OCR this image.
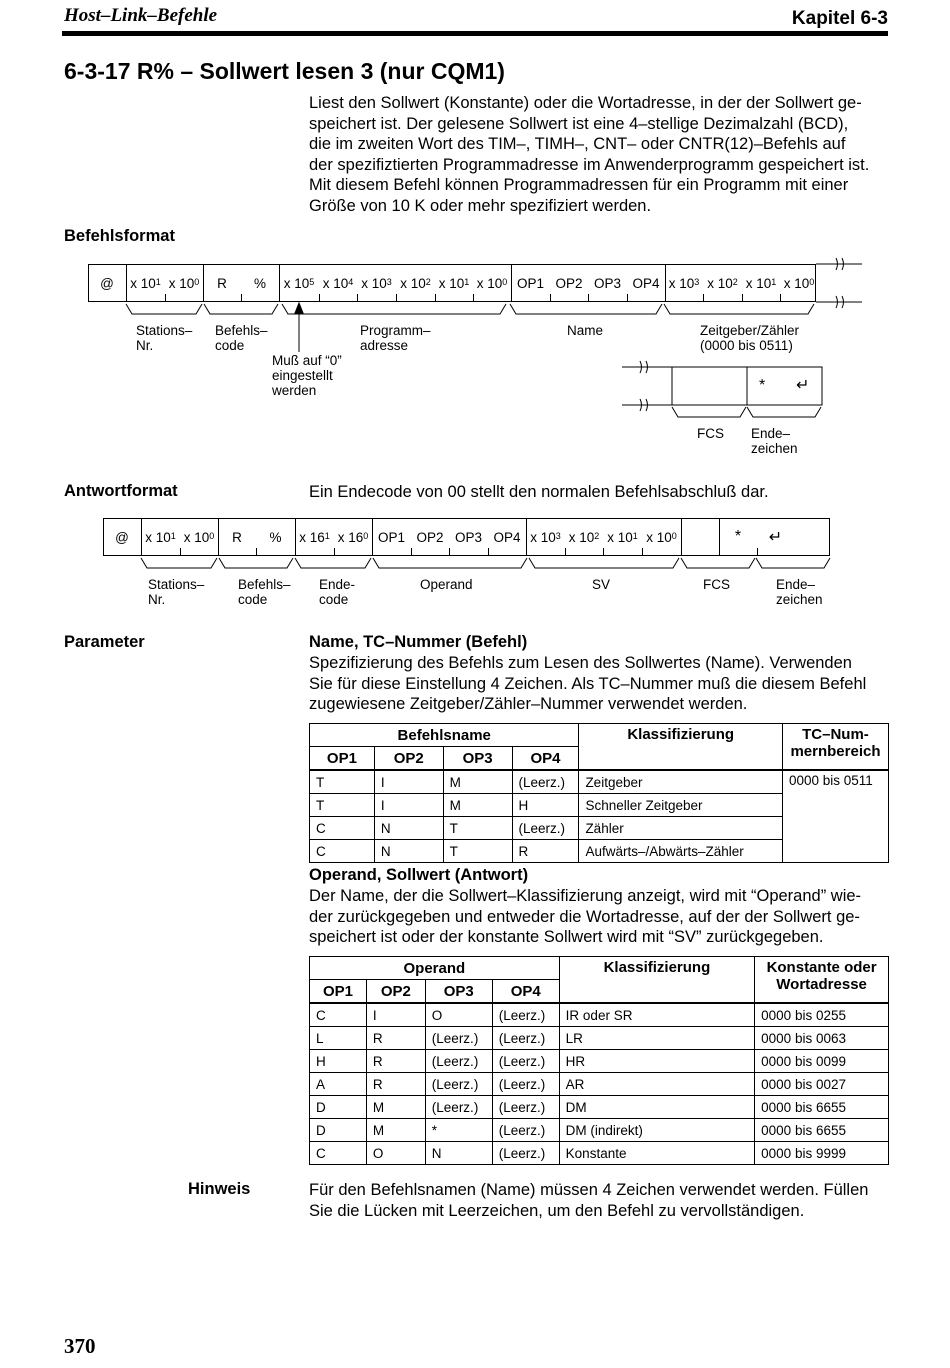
Host–Link–Befehle	Kapitel 6-3
6-3-17 R% – Sollwert lesen 3 (nur CQM1)
Liest den Sollwert (Konstante) oder die Wortadresse, in der der Sollwert ge-
speichert ist. Der gelesene Sollwert ist eine 4–stellige Dezimalzahl (BCD),
die im zweiten Wort des TIM–, TIMH–, CNT– oder CNTR(12)–Befehls auf
der spezifiztierten Programmadresse im Anwenderprogramm gespeichert ist.
Mit diesem Befehl können Programmadressen für ein Programm mit einer
Größe von 10 K oder mehr spezifiziert werden.
Befehlsformat
@	x $10^1$ x $10^0$	R	%	x $10^5$ x $10^4$ x $10^3$ x $10^2$ x $10^1$ x $10^0$ OP1 OP2 OP3 OP4 x $10^3$ x $10^2$ x $10^1$ x $10^0$
Stations–
Nr.
Befehls–
code
Programm–
adresse
Name	Zeitgeber/Zähler
(0000 bis 0511)
Muß auf “0”
eingestellt
werden	* ↵
FCS Ende–
zeichen
Antwortformat	Ein Endecode von 00 stellt den normalen Befehlsabschluß dar.
@	x $10^1$ x $10^0$	R	%	x $16^1$ x $16^0$ OP1 OP2 OP3 OP4 x $10^3$ x $10^2$ x $10^1$ x $10^0$	*	↵
Stations–
Nr.
Befehls–
code
Ende-
code
Operand	SV	FCS	Ende–
zeichen
Parameter	Name, TC–Nummer (Befehl)
Spezifizierung des Befehls zum Lesen des Sollwertes (Name). Verwenden
Sie für diese Einstellung 4 Zeichen. Als TC–Nummer muß die diesem Befehl
zugewiesene Zeitgeber/Zähler–Nummer verwendet werden.
Befehlsname				Klassifizierung	TC–Num-
mernbereich

OP1	OP2	OP3	OP4		
T	I	M	(Leerz.)	Zeitgeber	0000 bis 0511
T	I	M	H	Schneller Zeitgeber	
C	N	T	(Leerz.)	Zähler	
C	N	T	R	Aufwärts–/Abwärts–Zähler	
Operand, Sollwert (Antwort)
Der Name, der die Sollwert–Klassifizierung anzeigt, wird mit “Operand” wie-
der zurückgegeben und entweder die Wortadresse, auf der der Sollwert ge-
speichert ist oder der konstante Sollwert wird mit “SV” zurückgegeben.
Operand				Klassifizierung	Konstante oder
Wortadresse

OP1	OP2	OP3	OP4		
C	I	O	(Leerz.)	IR oder SR	0000 bis 0255
L	R	(Leerz.)	(Leerz.)	LR	0000 bis 0063
H	R	(Leerz.)	(Leerz.)	HR	0000 bis 0099
A	R	(Leerz.)	(Leerz.)	AR	0000 bis 0027
D	M	(Leerz.)	(Leerz.)	DM	0000 bis 6655
D	M	*	(Leerz.)	DM (indirekt)	0000 bis 6655
C	O	N	(Leerz.)	Konstante	0000 bis 9999
Hinweis	Für den Befehlsnamen (Name) müssen 4 Zeichen verwendet werden. Füllen
Sie die Lücken mit Leerzeichen, um den Befehl zu vervollständigen.
370
